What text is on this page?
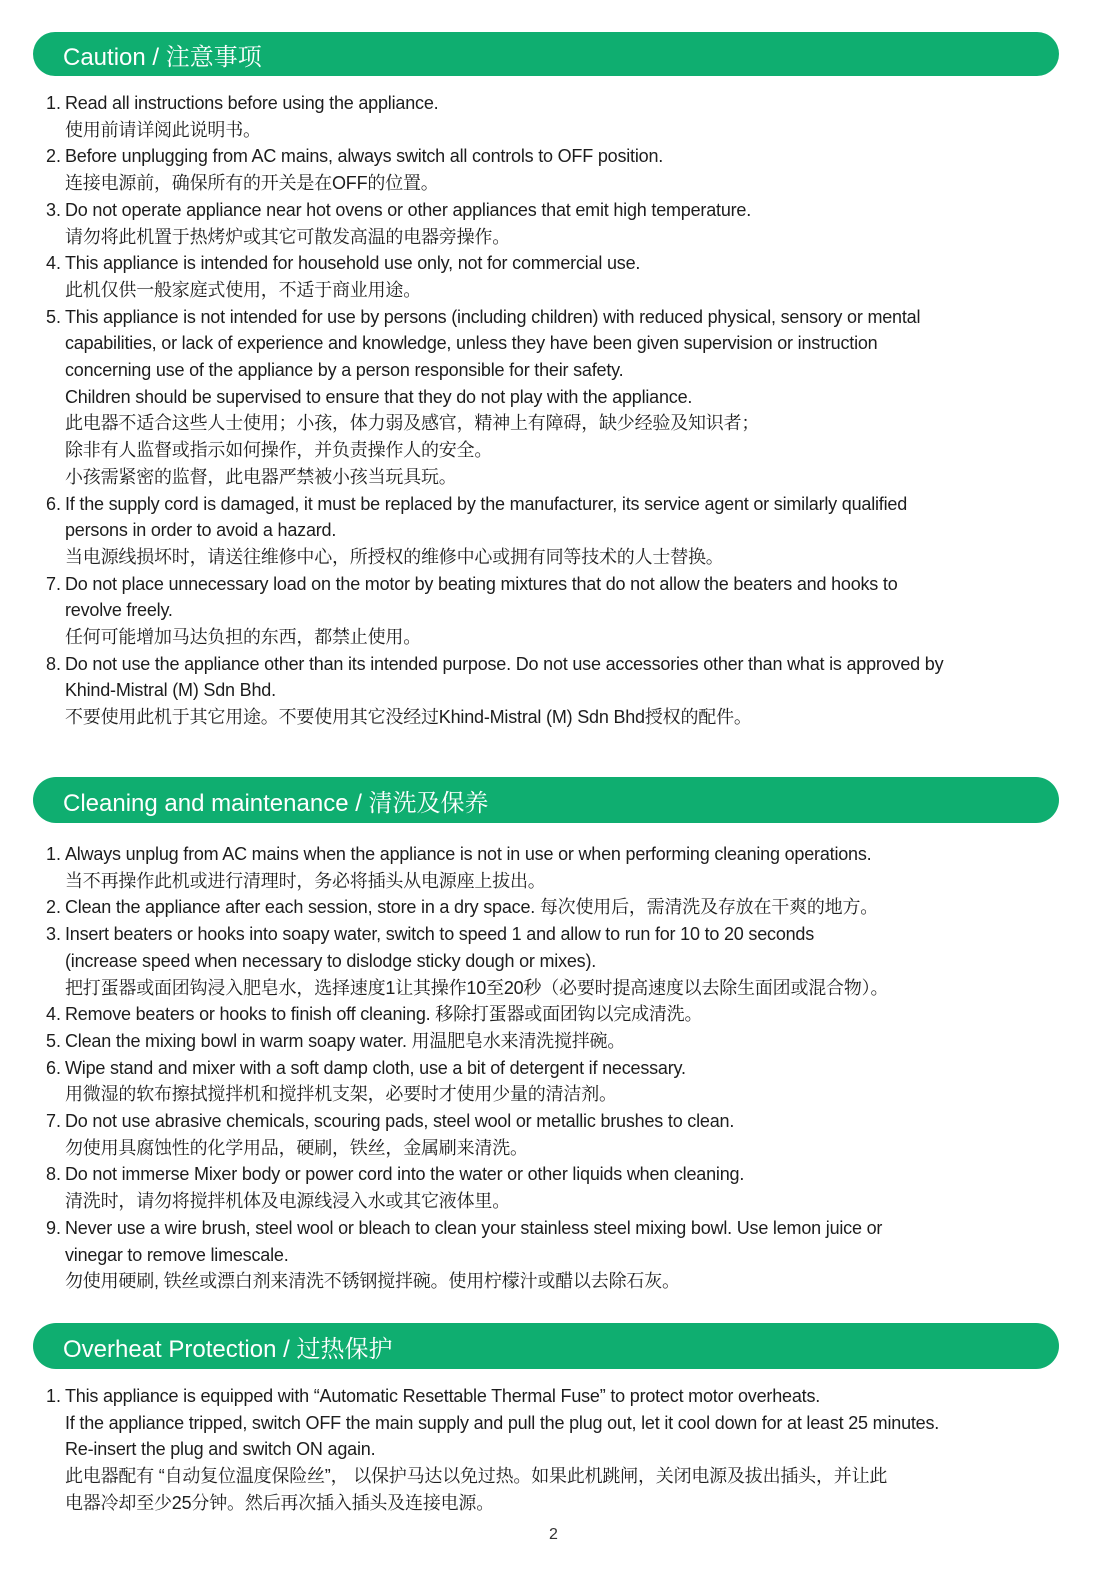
Caution / 注意事项
1. Read all instructions before using the appliance.
使用前请详阅此说明书。
2. Before unplugging from AC mains, always switch all controls to OFF position.
连接电源前，确保所有的开关是在OFF的位置。
3. Do not operate appliance near hot ovens or other appliances that emit high temperature.
请勿将此机置于热烤炉或其它可散发高温的电器旁操作。
4. This appliance is intended for household use only, not for commercial use.
此机仅供一般家庭式使用，不适于商业用途。
5. This appliance is not intended for use by persons (including children) with reduced physical, sensory or mental
capabilities, or lack of experience and knowledge, unless they have been given supervision or instruction
concerning use of the appliance by a person responsible for their safety.
Children should be supervised to ensure that they do not play with the appliance.
此电器不适合这些人士使用；小孩，体力弱及感官，精神上有障碍，缺少经验及知识者；
除非有人监督或指示如何操作，并负责操作人的安全。
小孩需紧密的监督，此电器严禁被小孩当玩具玩。
6. If the supply cord is damaged, it must be replaced by the manufacturer, its service agent or similarly qualified
persons in order to avoid a hazard.
当电源线损坏时，请送往维修中心，所授权的维修中心或拥有同等技术的人士替换。
7. Do not place unnecessary load on the motor by beating mixtures that do not allow the beaters and hooks to
revolve freely.
任何可能增加马达负担的东西，都禁止使用。
8. Do not use the appliance other than its intended purpose. Do not use accessories other than what is approved by
Khind-Mistral (M) Sdn Bhd.
不要使用此机于其它用途。不要使用其它没经过Khind-Mistral (M) Sdn Bhd授权的配件。
Cleaning and maintenance / 清洗及保养
1. Always unplug from AC mains when the appliance is not in use or when performing cleaning operations.
当不再操作此机或进行清理时，务必将插头从电源座上拔出。
2. Clean the appliance after each session, store in a dry space. 每次使用后，需清洗及存放在干爽的地方。
3. Insert beaters or hooks into soapy water, switch to speed 1 and allow to run for 10 to 20 seconds
(increase speed when necessary to dislodge sticky dough or mixes).
把打蛋器或面团钩浸入肥皂水，选择速度1让其操作10至20秒（必要时提高速度以去除生面团或混合物）。
4. Remove beaters or hooks to finish off cleaning. 移除打蛋器或面团钩以完成清洗。
5. Clean the mixing bowl in warm soapy water. 用温肥皂水来清洗搅拌碗。
6. Wipe stand and mixer with a soft damp cloth, use a bit of detergent if necessary.
用微湿的软布擦拭搅拌机和搅拌机支架，必要时才使用少量的清洁剂。
7. Do not use abrasive chemicals, scouring pads, steel wool or metallic brushes to clean.
勿使用具腐蚀性的化学用品，硬刷，铁丝，金属刷来清洗。
8. Do not immerse Mixer body or power cord into the water or other liquids when cleaning.
清洗时，请勿将搅拌机体及电源线浸入水或其它液体里。
9. Never use a wire brush, steel wool or bleach to clean your stainless steel mixing bowl. Use lemon juice or
vinegar to remove limescale.
勿使用硬刷, 铁丝或漂白剂来清洗不锈钢搅拌碗。使用柠檬汁或醋以去除石灰。
Overheat Protection / 过热保护
1. This appliance is equipped with “Automatic Resettable Thermal Fuse” to protect motor overheats.
If the appliance tripped, switch OFF the main supply and pull the plug out, let it cool down for at least 25 minutes.
Re-insert the plug and switch ON again.
此电器配有 “自动复位温度保险丝”， 以保护马达以免过热。如果此机跳闸，关闭电源及拔出插头，并让此
电器冷却至少25分钟。然后再次插入插头及连接电源。
2
